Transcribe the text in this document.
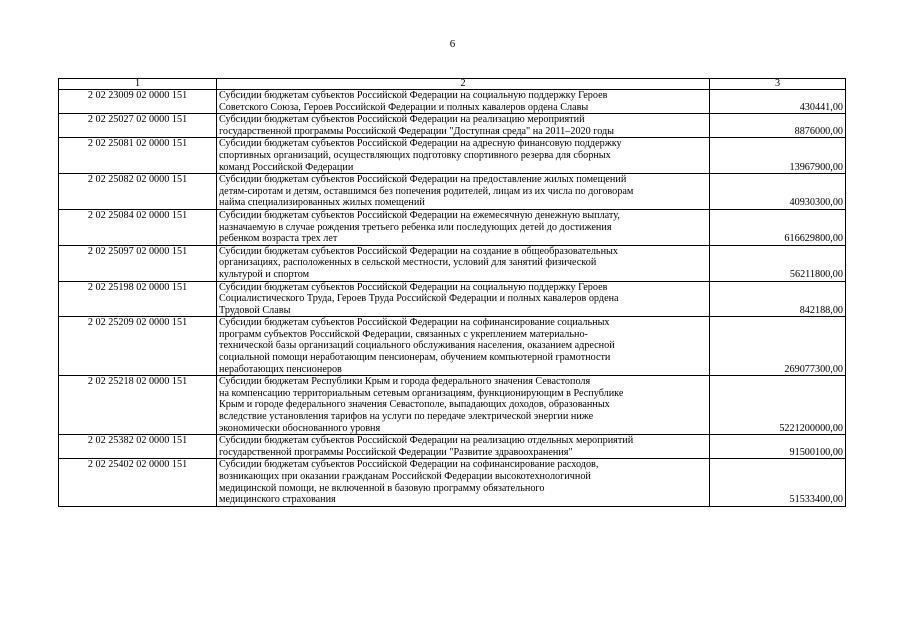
6
1	2	3
2 02 23009 02 0000 151	Субсидии бюджетам субъектов Российской Федерации на социальную поддержку Героев
Советского Союза, Героев Российской Федерации и полных кавалеров ордена Славы	430441,00
2 02 25027 02 0000 151	Субсидии бюджетам субъектов Российской Федерации на реализацию мероприятий
государственной программы Российской Федерации "Доступная среда" на 2011–2020 годы	8876000,00
2 02 25081 02 0000 151	Субсидии бюджетам субъектов Российской Федерации на адресную финансовую поддержку
спортивных организаций, осуществляющих подготовку спортивного резерва для сборных
команд Российской Федерации	13967900,00
2 02 25082 02 0000 151	Субсидии бюджетам субъектов Российской Федерации на предоставление жилых помещений
детям-сиротам и детям, оставшимся без попечения родителей, лицам из их числа по договорам
найма специализированных жилых помещений	40930300,00
2 02 25084 02 0000 151	Субсидии бюджетам субъектов Российской Федерации на ежемесячную денежную выплату,
назначаемую в случае рождения третьего ребенка или последующих детей до достижения
ребенком возраста трех лет	616629800,00
2 02 25097 02 0000 151	Субсидии бюджетам субъектов Российской Федерации на создание в общеобразовательных
организациях, расположенных в сельской местности, условий для занятий физической
культурой и спортом	56211800,00
2 02 25198 02 0000 151	Субсидии бюджетам субъектов Российской Федерации на социальную поддержку Героев
Социалистического Труда, Героев Труда Российской Федерации и полных кавалеров ордена
Трудовой Славы	842188,00
2 02 25209 02 0000 151	Субсидии бюджетам субъектов Российской Федерации на софинансирование социальных
программ субъектов Российской Федерации, связанных с укреплением материально-
технической базы организаций социального обслуживания населения, оказанием адресной
социальной помощи неработающим пенсионерам, обучением компьютерной грамотности
неработающих пенсионеров	269077300,00
2 02 25218 02 0000 151	Субсидии бюджетам Республики Крым и города федерального значения Севастополя
на компенсацию территориальным сетевым организациям, функционирующим в Республике
Крым и городе федерального значения Севастополе, выпадающих доходов, образованных
вследствие установления тарифов на услуги по передаче электрической энергии ниже
экономически обоснованного уровня	5221200000,00
2 02 25382 02 0000 151	Субсидии бюджетам субъектов Российской Федерации на реализацию отдельных мероприятий
государственной программы Российской Федерации "Развитие здравоохранения"	91500100,00
2 02 25402 02 0000 151	Субсидии бюджетам субъектов Российской Федерации на софинансирование расходов,
возникающих при оказании гражданам Российской Федерации высокотехнологичной
медицинской помощи, не включенной в базовую программу обязательного
медицинского страхования	51533400,00
